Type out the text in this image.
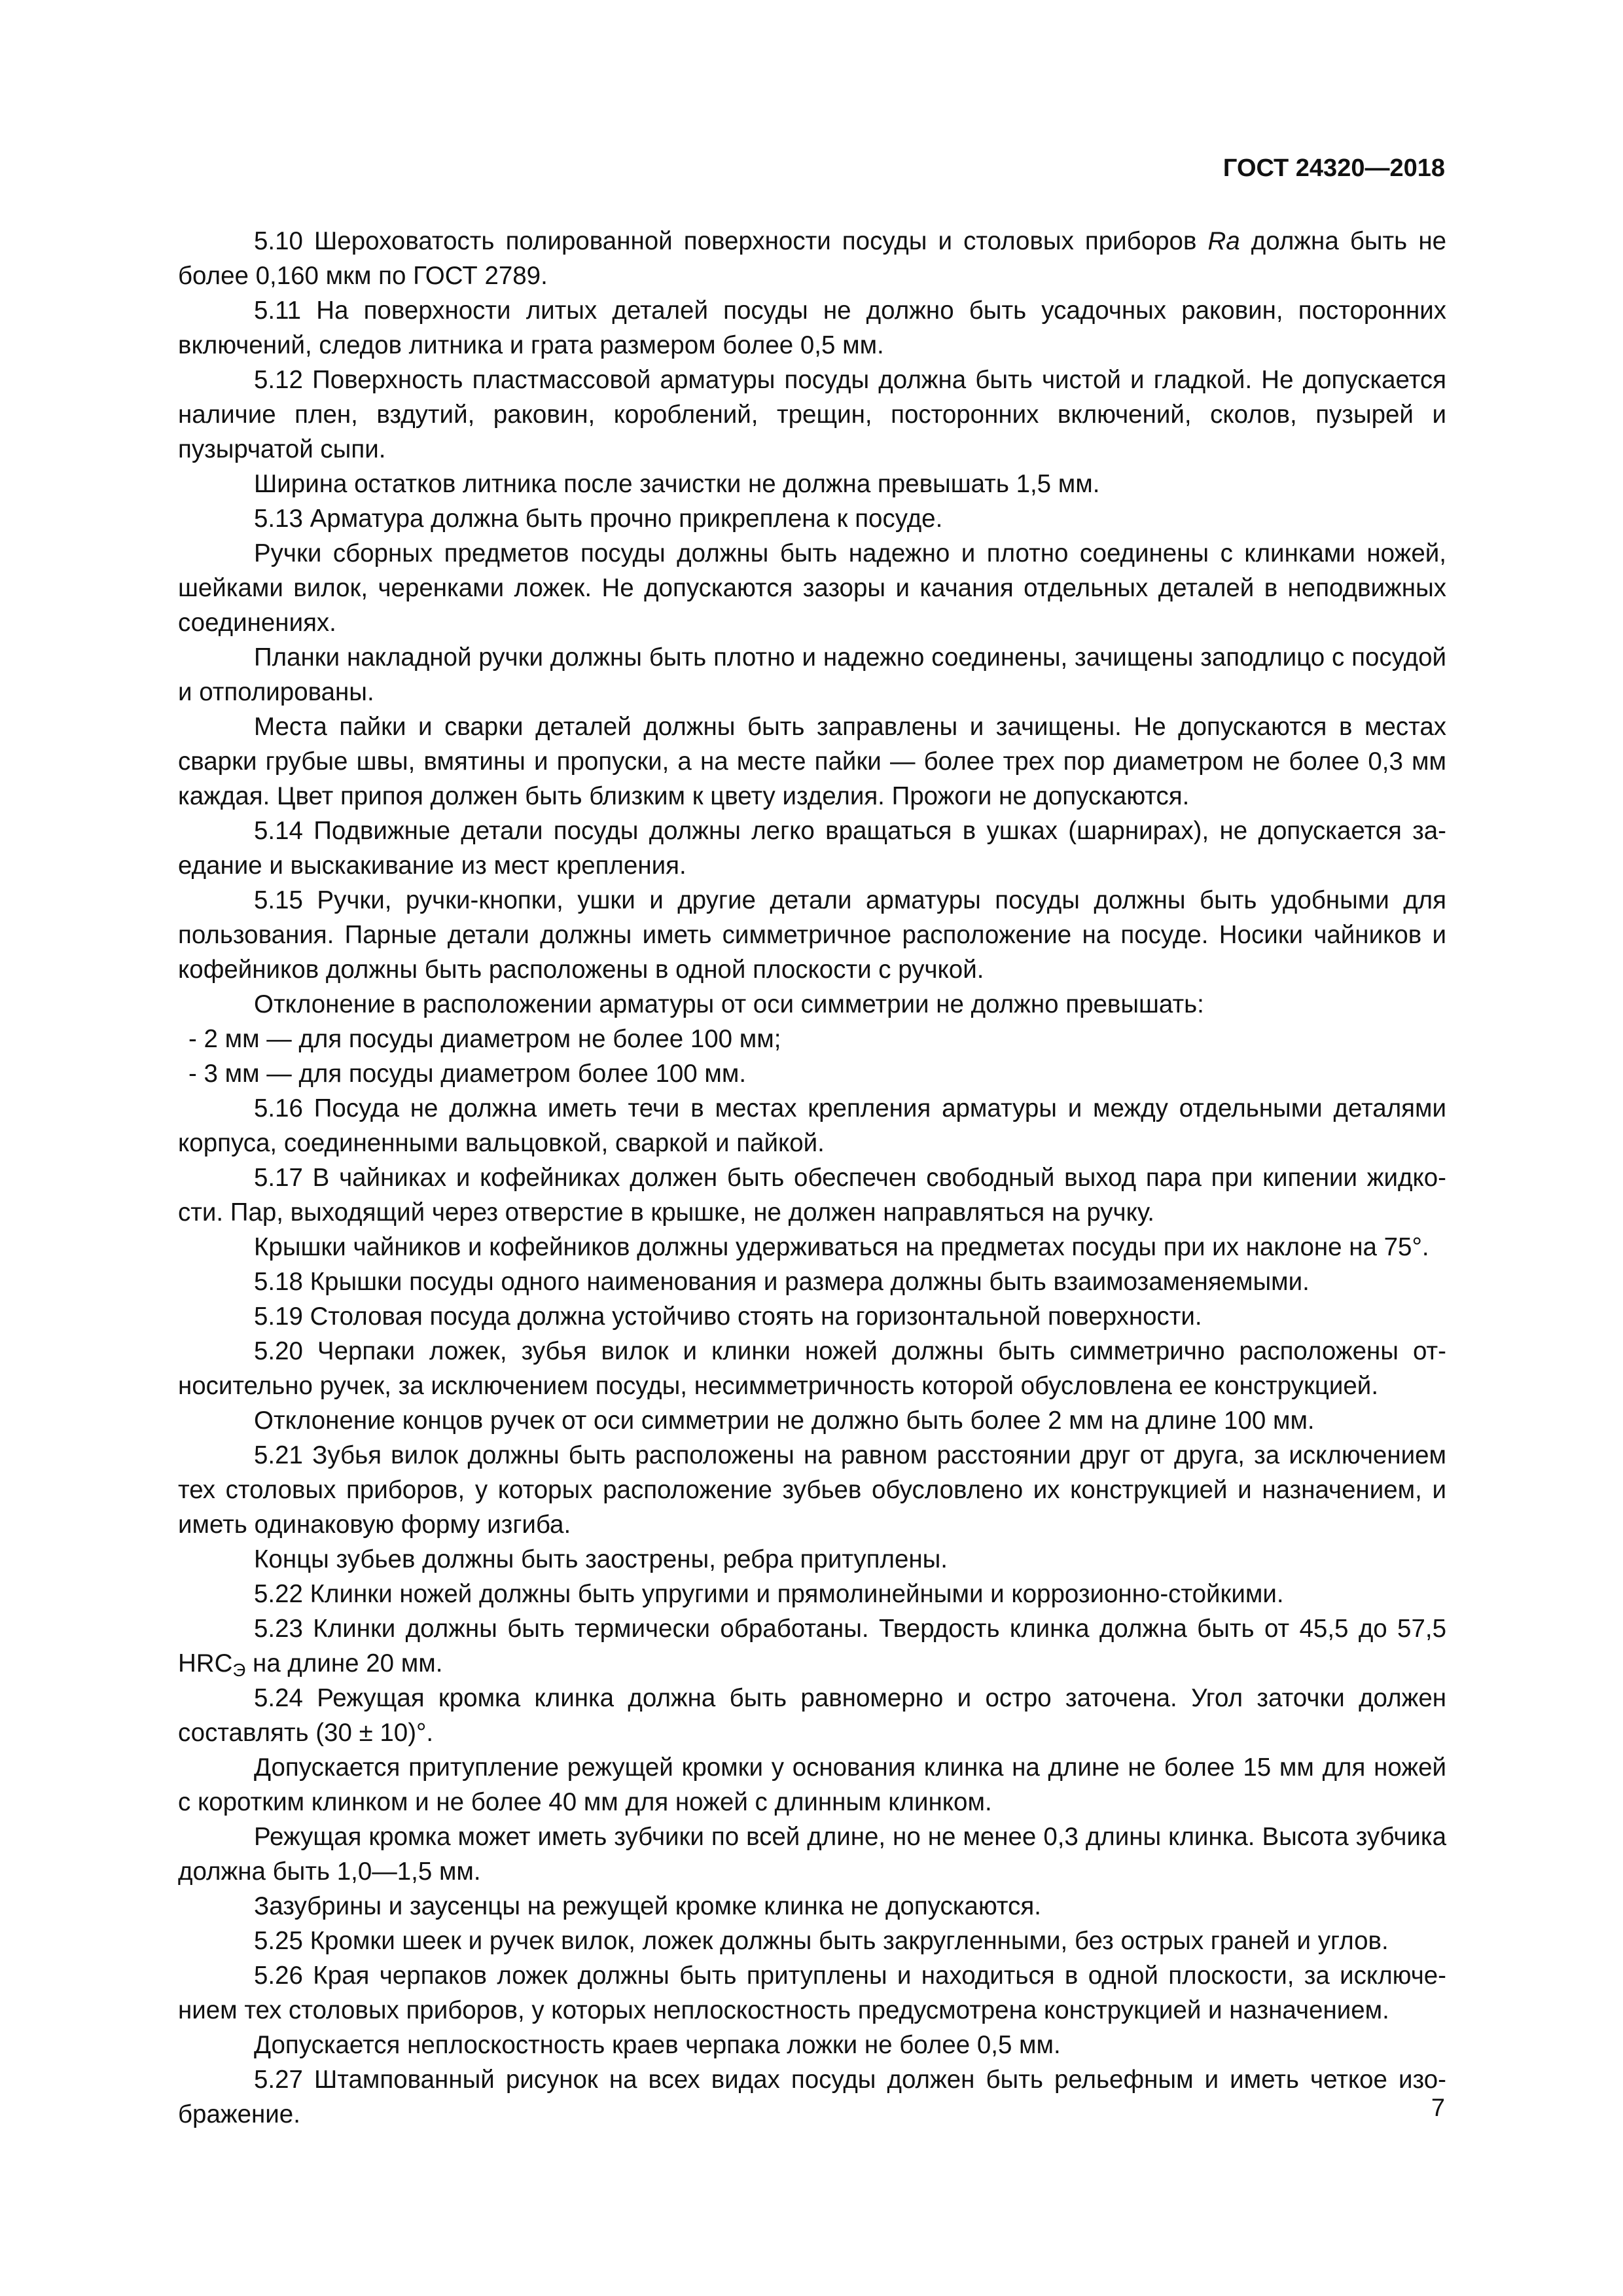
ГОСТ 24320—2018

5.10 Шероховатость полированной поверхности посуды и столовых приборов Ra должна быть не более 0,160 мкм по ГОСТ 2789.

5.11 На поверхности литых деталей посуды не должно быть усадочных раковин, посторонних включений, следов литника и грата размером более 0,5 мм.

5.12 Поверхность пластмассовой арматуры посуды должна быть чистой и гладкой. Не допускается наличие плен, вздутий, раковин, короблений, трещин, посторонних включений, сколов, пузырей и пузырчатой сыпи.

Ширина остатков литника после зачистки не должна превышать 1,5 мм.

5.13 Арматура должна быть прочно прикреплена к посуде.

Ручки сборных предметов посуды должны быть надежно и плотно соединены с клинками ножей, шейками вилок, черенками ложек. Не допускаются зазоры и качания отдельных деталей в неподвижных соединениях.

Планки накладной ручки должны быть плотно и надежно соединены, зачищены заподлицо с посудой и отполированы.

Места пайки и сварки деталей должны быть заправлены и зачищены. Не допускаются в местах сварки грубые швы, вмятины и пропуски, а на месте пайки — более трех пор диаметром не более 0,3 мм каждая. Цвет припоя должен быть близким к цвету изделия. Прожоги не допускаются.

5.14 Подвижные детали посуды должны легко вращаться в ушках (шарнирах), не допускается заедание и выскакивание из мест крепления.

5.15 Ручки, ручки-кнопки, ушки и другие детали арматуры посуды должны быть удобными для пользования. Парные детали должны иметь симметричное расположение на посуде. Носики чайников и кофейников должны быть расположены в одной плоскости с ручкой.

Отклонение в расположении арматуры от оси симметрии не должно превышать:

- 2 мм — для посуды диаметром не более 100 мм;

- 3 мм — для посуды диаметром более 100 мм.

5.16 Посуда не должна иметь течи в местах крепления арматуры и между отдельными деталями корпуса, соединенными вальцовкой, сваркой и пайкой.

5.17 В чайниках и кофейниках должен быть обеспечен свободный выход пара при кипении жидкости. Пар, выходящий через отверстие в крышке, не должен направляться на ручку.

Крышки чайников и кофейников должны удерживаться на предметах посуды при их наклоне на 75°.

5.18 Крышки посуды одного наименования и размера должны быть взаимозаменяемыми.

5.19 Столовая посуда должна устойчиво стоять на горизонтальной поверхности.

5.20 Черпаки ложек, зубья вилок и клинки ножей должны быть симметрично расположены относительно ручек, за исключением посуды, несимметричность которой обусловлена ее конструкцией.

Отклонение концов ручек от оси симметрии не должно быть более 2 мм на длине 100 мм.

5.21 Зубья вилок должны быть расположены на равном расстоянии друг от друга, за исключением тех столовых приборов, у которых расположение зубьев обусловлено их конструкцией и назначением, и иметь одинаковую форму изгиба.

Концы зубьев должны быть заострены, ребра притуплены.

5.22 Клинки ножей должны быть упругими и прямолинейными и коррозионно-стойкими.

5.23 Клинки должны быть термически обработаны. Твердость клинка должна быть от 45,5 до 57,5 $HRC_Э$ на длине 20 мм.

5.24 Режущая кромка клинка должна быть равномерно и остро заточена. Угол заточки должен составлять (30 ± 10)°.

Допускается притупление режущей кромки у основания клинка на длине не более 15 мм для ножей с коротким клинком и не более 40 мм для ножей с длинным клинком.

Режущая кромка может иметь зубчики по всей длине, но не менее 0,3 длины клинка. Высота зубчика должна быть 1,0—1,5 мм.

Зазубрины и заусенцы на режущей кромке клинка не допускаются.

5.25 Кромки шеек и ручек вилок, ложек должны быть закругленными, без острых граней и углов.

5.26 Края черпаков ложек должны быть притуплены и находиться в одной плоскости, за исключением тех столовых приборов, у которых неплоскостность предусмотрена конструкцией и назначением.

Допускается неплоскостность краев черпака ложки не более 0,5 мм.

5.27 Штампованный рисунок на всех видах посуды должен быть рельефным и иметь четкое изображение.	7
